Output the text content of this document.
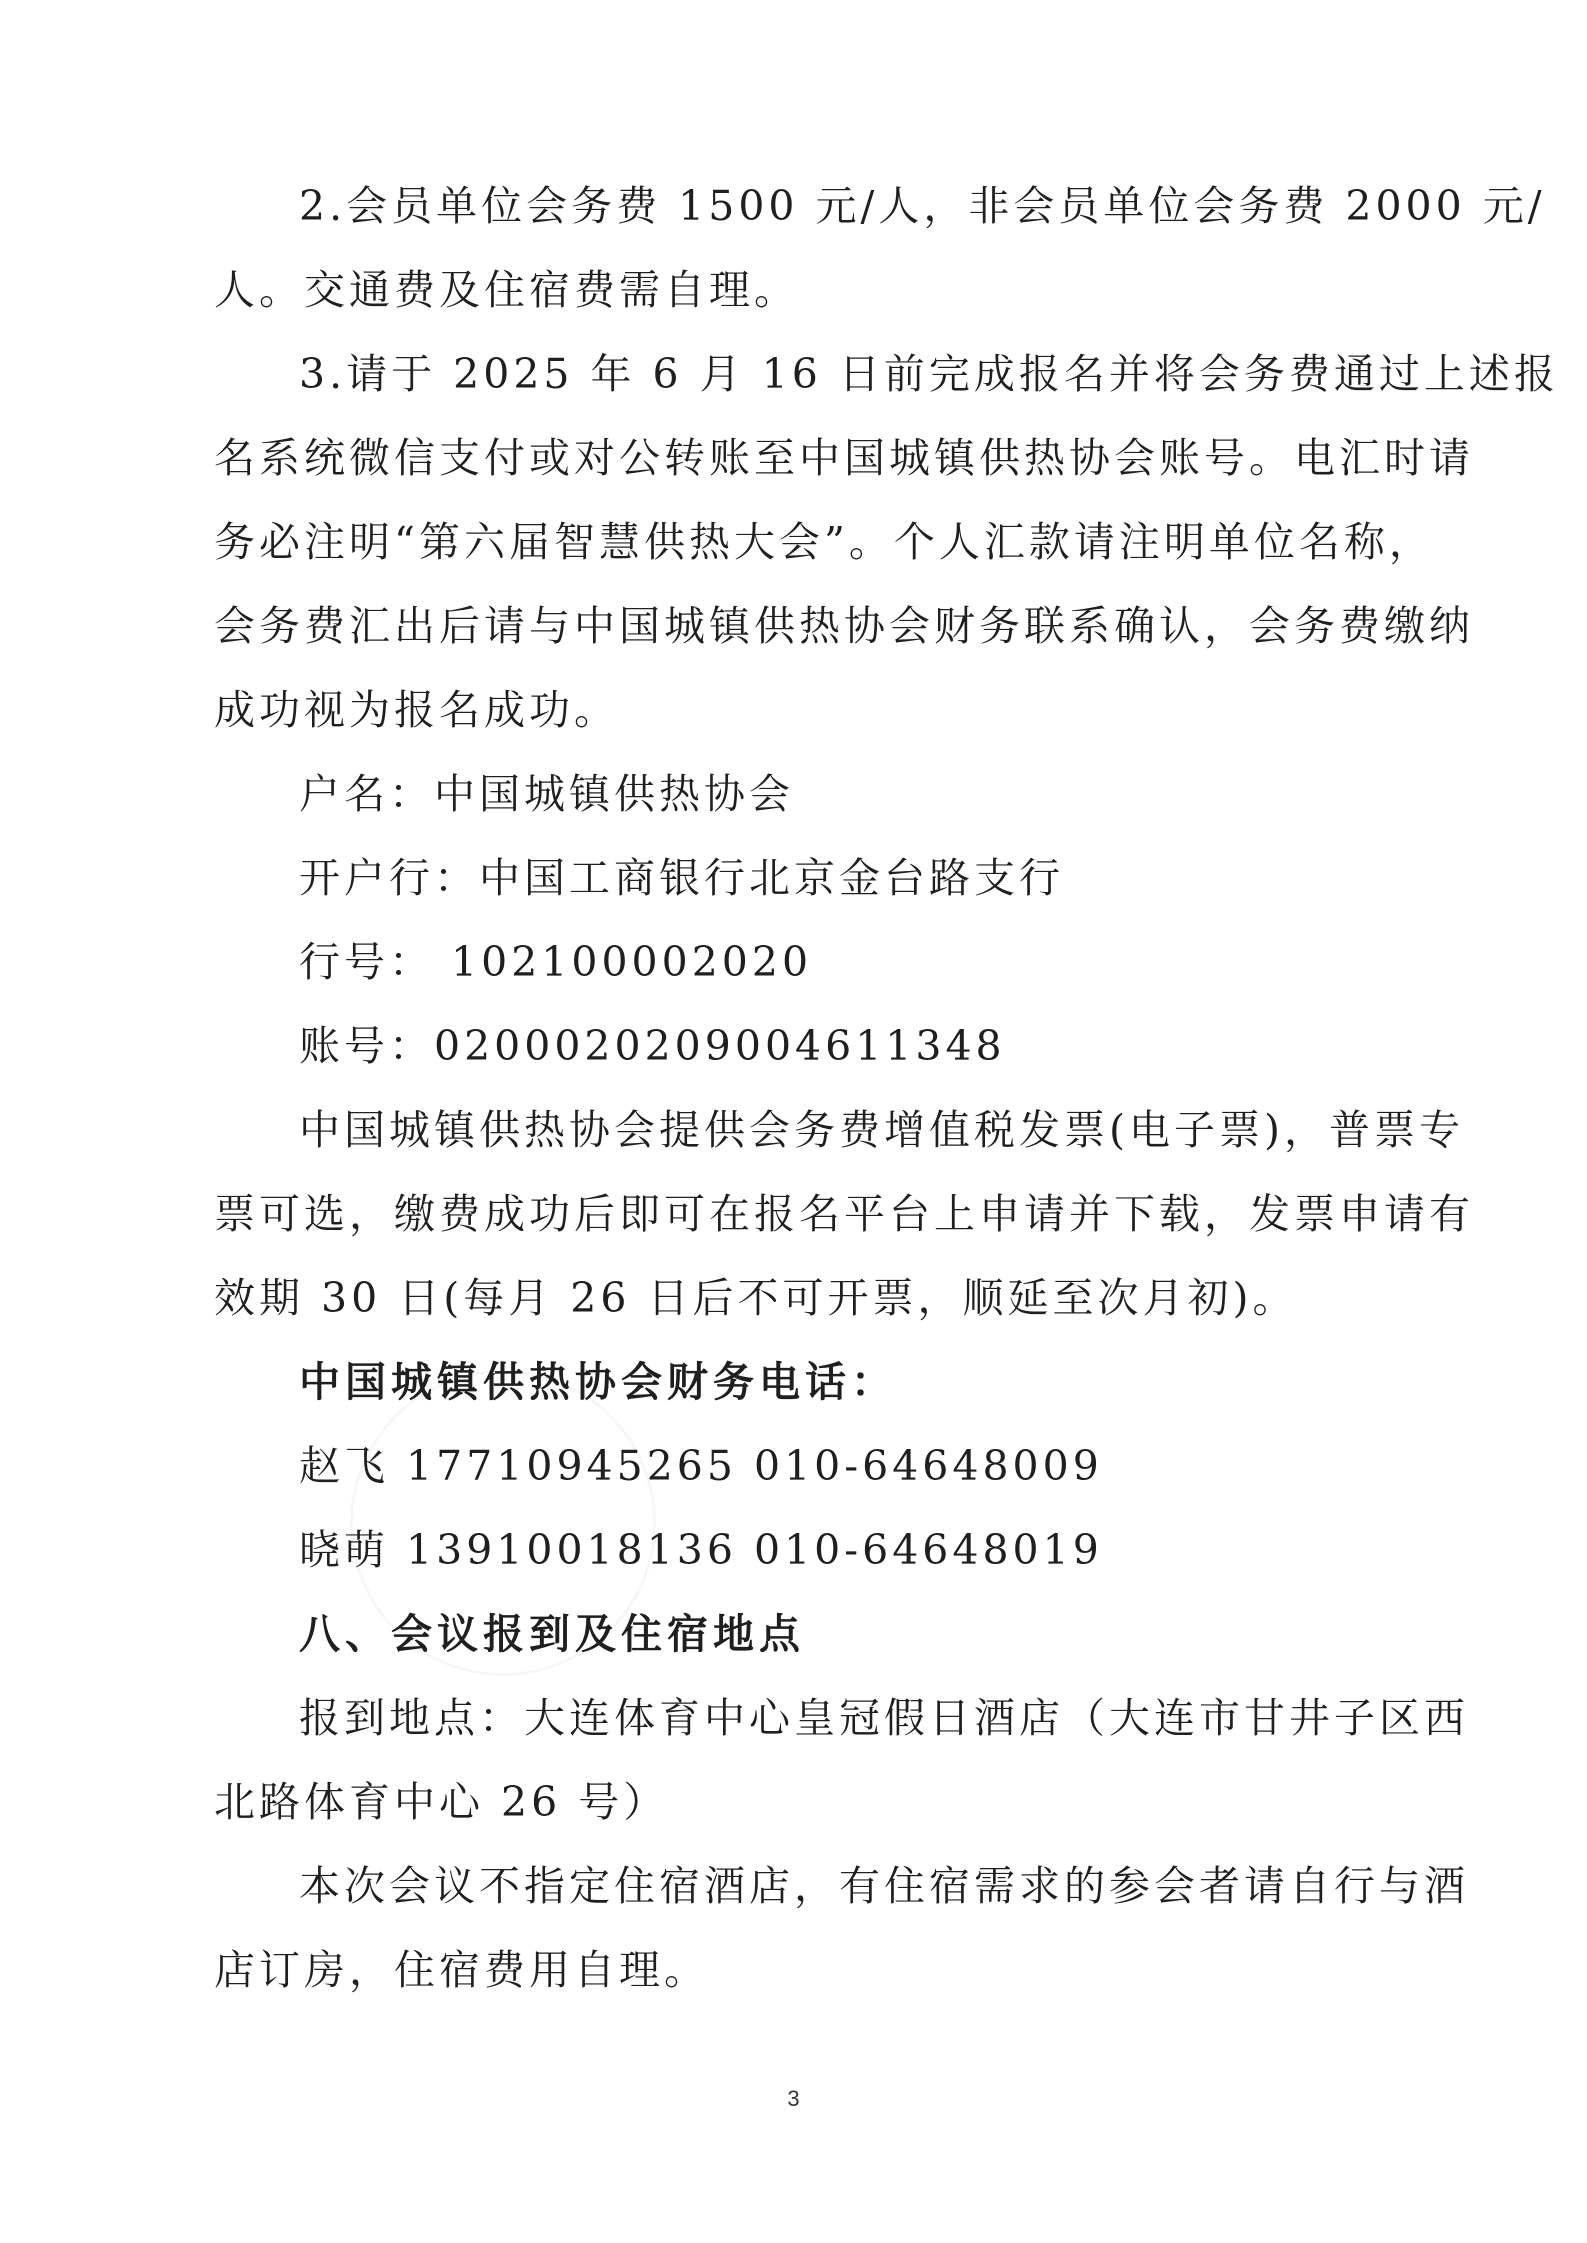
2.会员单位会务费 1500 元/人，非会员单位会务费 2000 元/
人。交通费及住宿费需自理。
3.请于 2025 年 6 月 16 日前完成报名并将会务费通过上述报
名系统微信支付或对公转账至中国城镇供热协会账号。电汇时请
务必注明“第六届智慧供热大会”。个人汇款请注明单位名称，
会务费汇出后请与中国城镇供热协会财务联系确认，会务费缴纳
成功视为报名成功。
户名：中国城镇供热协会
开户行：中国工商银行北京金台路支行
行号： 102100002020
账号：0200020209004611348
中国城镇供热协会提供会务费增值税发票(电子票)，普票专
票可选，缴费成功后即可在报名平台上申请并下载，发票申请有
效期 30 日(每月 26 日后不可开票，顺延至次月初)。
中国城镇供热协会财务电话：
赵飞 17710945265 010-64648009
晓萌 13910018136 010-64648019
八、会议报到及住宿地点
报到地点：大连体育中心皇冠假日酒店（大连市甘井子区西
北路体育中心 26 号）
本次会议不指定住宿酒店，有住宿需求的参会者请自行与酒
店订房，住宿费用自理。
3
